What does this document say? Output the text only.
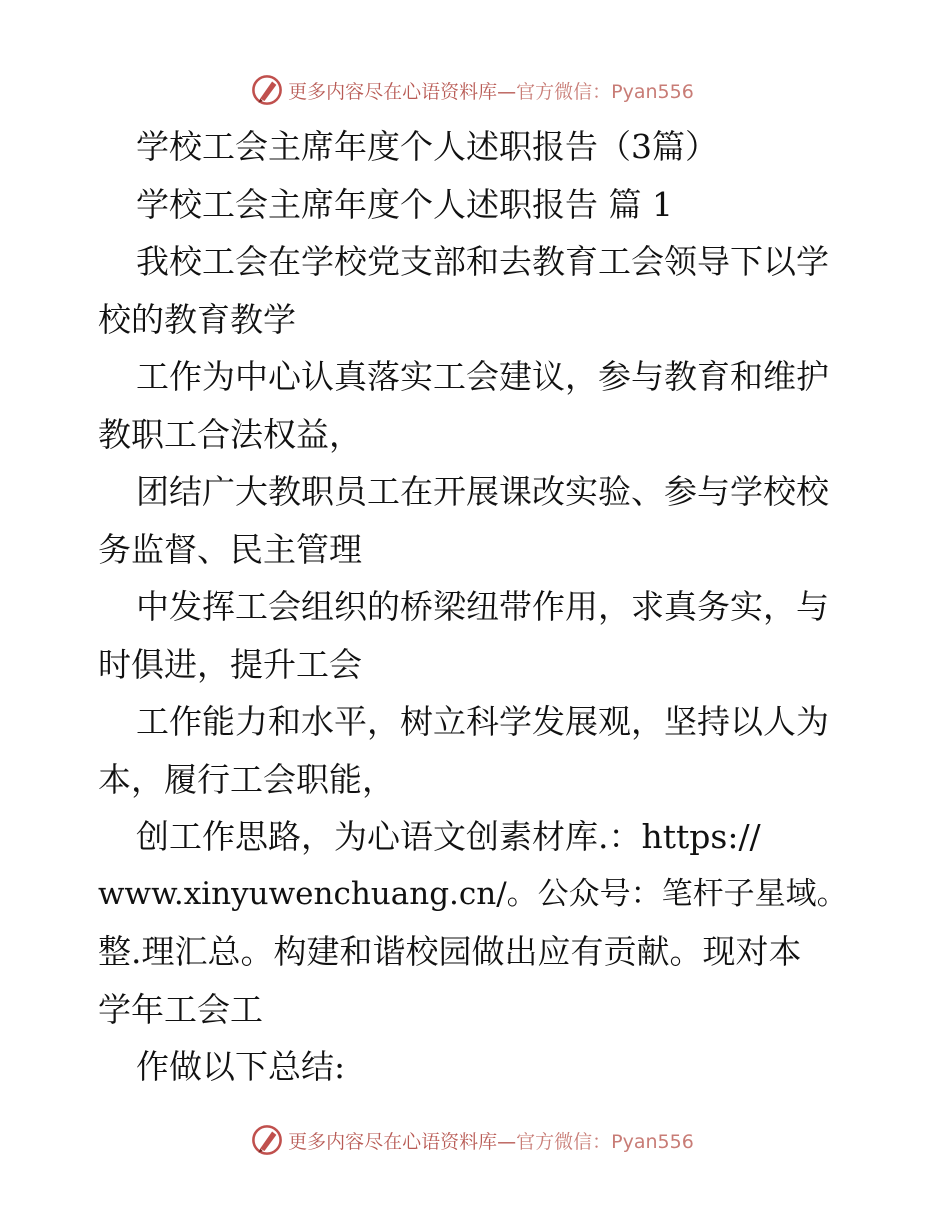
更多内容尽在心语资料库—官方微信：Pyan556
学校工会主席年度个人述职报告（3篇）
学校工会主席年度个人述职报告 篇 1
我校工会在学校党支部和去教育工会领导下以学
校的教育教学
工作为中心认真落实工会建议，参与教育和维护
教职工合法权益，
团结广大教职员工在开展课改实验、参与学校校
务监督、民主管理
中发挥工会组织的桥梁纽带作用，求真务实，与
时俱进，提升工会
工作能力和水平，树立科学发展观，坚持以人为
本，履行工会职能，
创工作思路，为心语文创素材库.：https://
www.xinyuwenchuang.cn/。公众号：笔杆子星域。
整.理汇总。构建和谐校园做出应有贡献。现对本
学年工会工
作做以下总结:
更多内容尽在心语资料库—官方微信：Pyan556
